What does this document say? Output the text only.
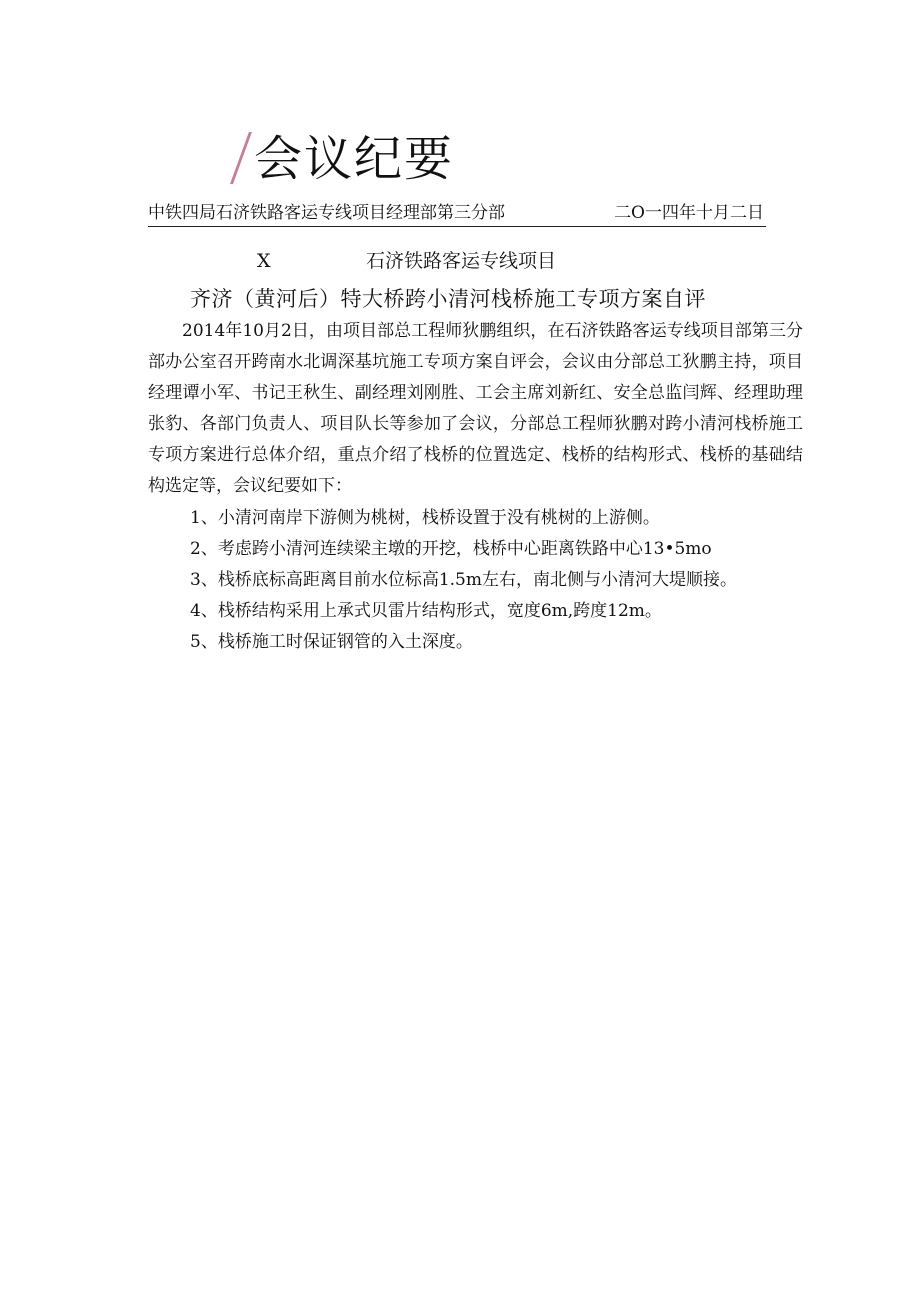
会议纪要
中铁四局石济铁路客运专线项目经理部第三分部	二O一四年十月二日
X	石济铁路客运专线项目
齐济（黄河后）特大桥跨小清河栈桥施工专项方案自评

2014年10月2日，由项目部总工程师狄鹏组织，在石济铁路客运专线项目部第三分部办公室召开跨南水北调深基坑施工专项方案自评会，会议由分部总工狄鹏主持，项目经理谭小军、书记王秋生、副经理刘刚胜、工会主席刘新红、安全总监闫辉、经理助理张豹、各部门负责人、项目队长等参加了会议，分部总工程师狄鹏对跨小清河栈桥施工专项方案进行总体介绍，重点介绍了栈桥的位置选定、栈桥的结构形式、栈桥的基础结构选定等，会议纪要如下：

1、小清河南岸下游侧为桃树，栈桥设置于没有桃树的上游侧。
2、考虑跨小清河连续梁主墩的开挖，栈桥中心距离铁路中心13•5mo
3、栈桥底标高距离目前水位标高1.5m左右，南北侧与小清河大堤顺接。
4、栈桥结构采用上承式贝雷片结构形式，宽度6m,跨度12m。
5、栈桥施工时保证钢管的入土深度。
